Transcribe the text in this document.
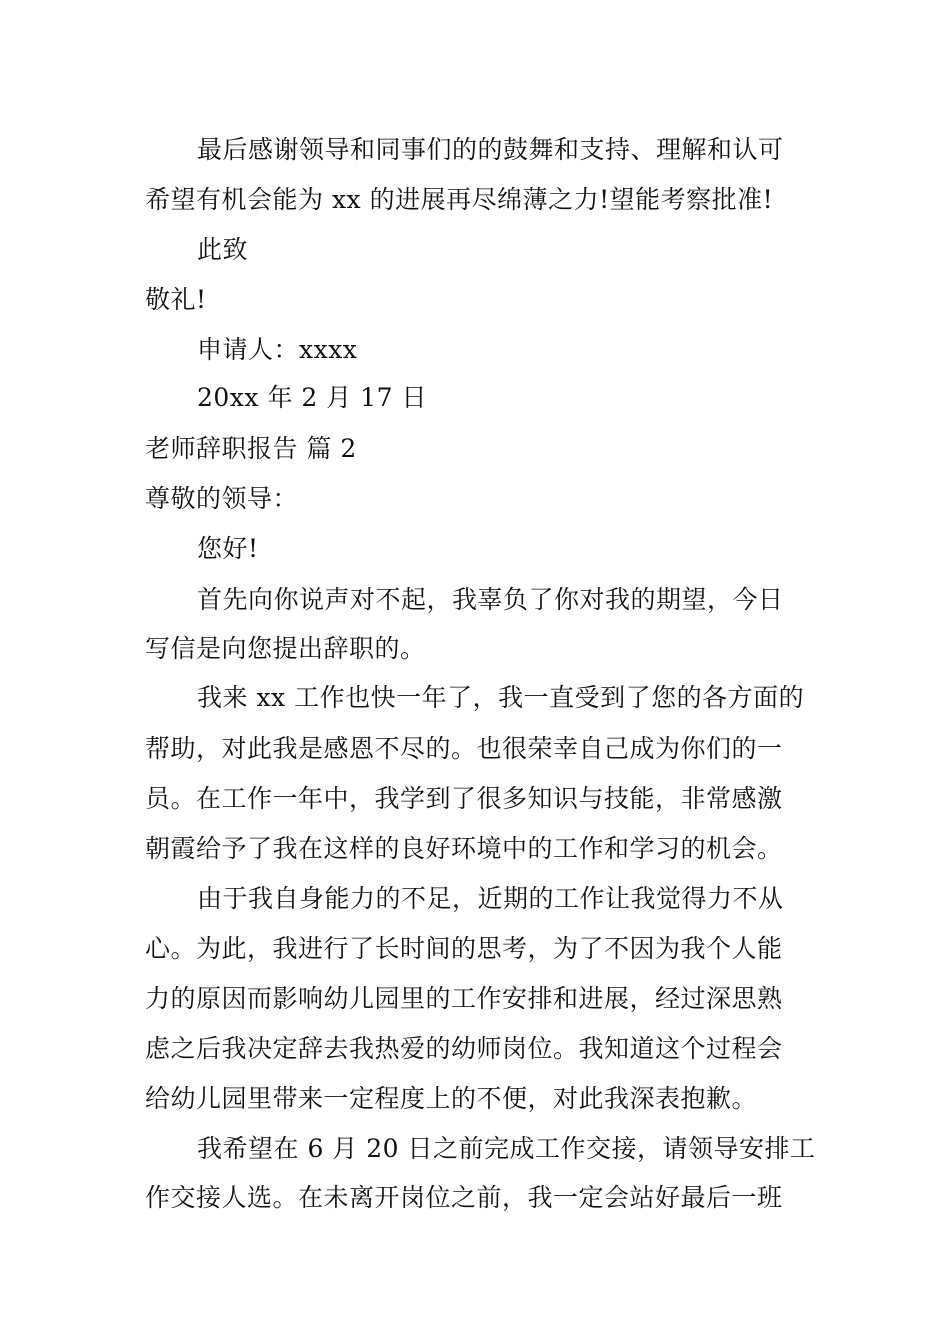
最后感谢领导和同事们的的鼓舞和支持、理解和认可
希望有机会能为 xx 的进展再尽绵薄之力!望能考察批准!
此致
敬礼!
申请人：xxxx
20xx 年 2 月 17 日
老师辞职报告 篇 2
尊敬的领导：
您好!
首先向你说声对不起，我辜负了你对我的期望，今日
写信是向您提出辞职的。
我来 xx 工作也快一年了，我一直受到了您的各方面的
帮助，对此我是感恩不尽的。也很荣幸自己成为你们的一
员。在工作一年中，我学到了很多知识与技能，非常感激
朝霞给予了我在这样的良好环境中的工作和学习的机会。
由于我自身能力的不足，近期的工作让我觉得力不从
心。为此，我进行了长时间的思考，为了不因为我个人能
力的原因而影响幼儿园里的工作安排和进展，经过深思熟
虑之后我决定辞去我热爱的幼师岗位。我知道这个过程会
给幼儿园里带来一定程度上的不便，对此我深表抱歉。
我希望在 6 月 20 日之前完成工作交接，请领导安排工
作交接人选。在未离开岗位之前，我一定会站好最后一班
